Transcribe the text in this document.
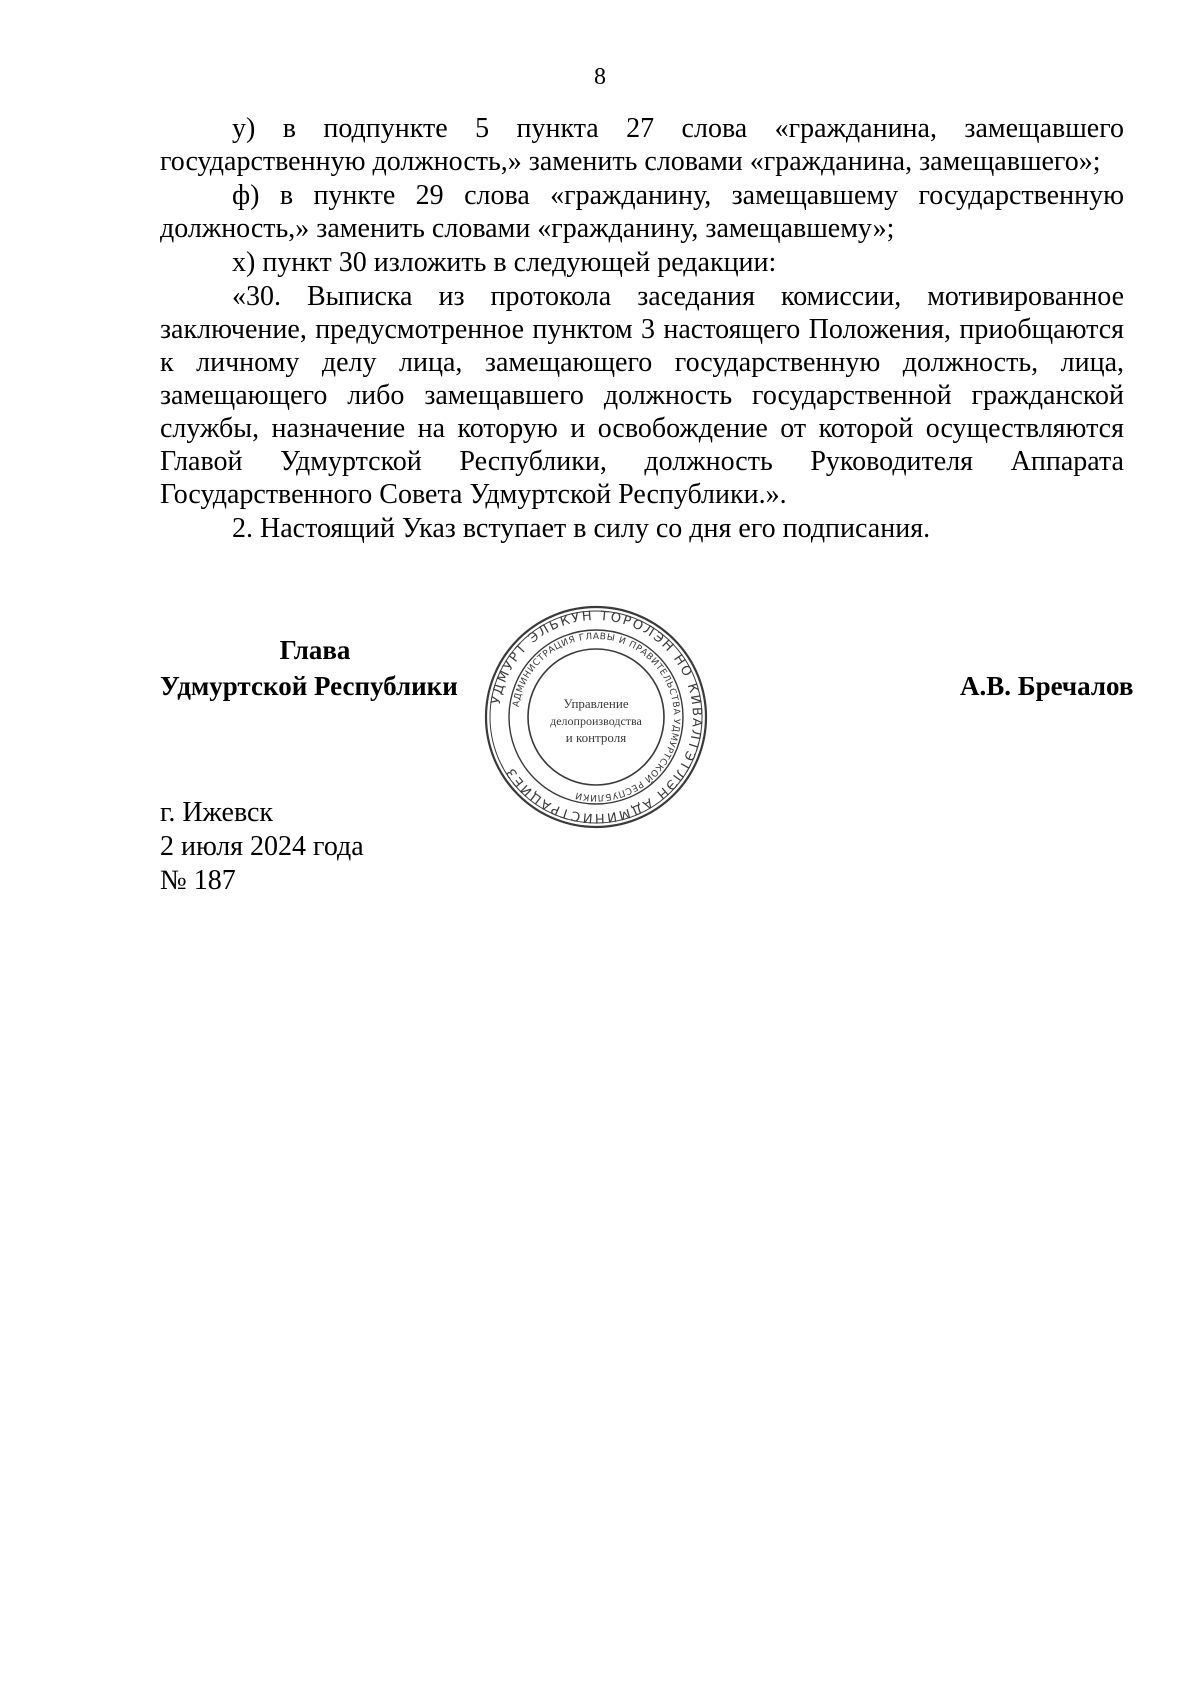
8

у) в подпункте 5 пункта 27 слова «гражданина, замещавшего государственную должность,» заменить словами «гражданина, замещавшего»;

ф) в пункте 29 слова «гражданину, замещавшему государственную должность,» заменить словами «гражданину, замещавшему»;

х) пункт 30 изложить в следующей редакции:

«30. Выписка из протокола заседания комиссии, мотивированное заключение, предусмотренное пунктом 3 настоящего Положения, приобщаются к личному делу лица, замещающего государственную должность, лица, замещающего либо замещавшего должность государственной гражданской службы, назначение на которую и освобождение от которой осуществляются Главой Удмуртской Республики, должность Руководителя Аппарата Государственного Совета Удмуртской Республики.».

2. Настоящий Указ вступает в силу со дня его подписания.

Глава
Удмуртской Республики	УДМУРТ ЭЛЬКУН ТОРОЛЭН НО КИВАЛТЭТЛЭН АДМИНИСТРАЦИЕЗ
АДМИНИСТРАЦИЯ ГЛАВЫ И ПРАВИТЕЛЬСТВА УДМУРТСКОЙ РЕСПУБЛИКИ
Управление
делопроизводства
и контроля
А.В. Бречалов
г. Ижевск
2 июля 2024 года
№ 187
